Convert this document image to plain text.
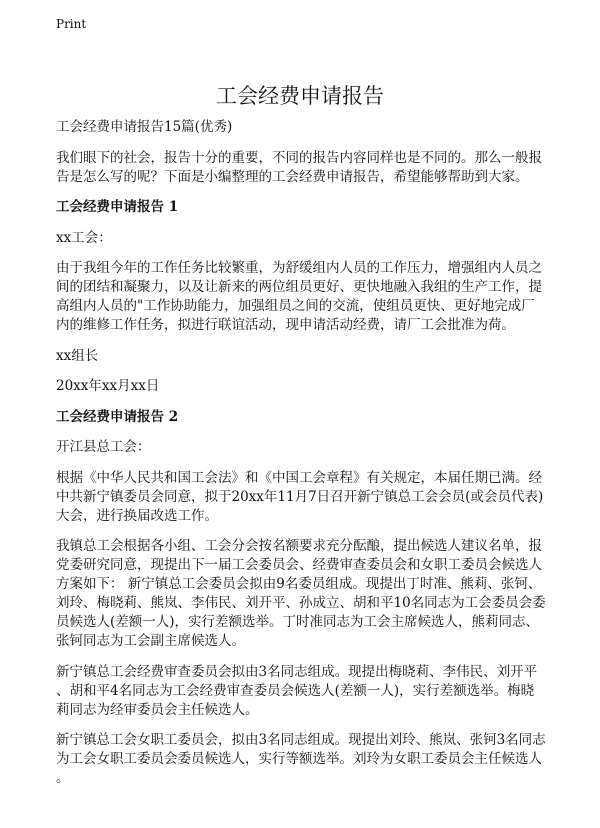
Print
工会经费申请报告
工会经费申请报告15篇(优秀)
我们眼下的社会，报告十分的重要，不同的报告内容同样也是不同的。那么一般报
告是怎么写的呢？下面是小编整理的工会经费申请报告，希望能够帮助到大家。
工会经费申请报告 1
xx工会：
由于我组今年的工作任务比较繁重，为舒缓组内人员的工作压力，增强组内人员之
间的团结和凝聚力，以及让新来的两位组员更好、更快地融入我组的生产工作，提
高组内人员的"工作协助能力，加强组员之间的交流，使组员更快、更好地完成厂
内的维修工作任务，拟进行联谊活动，现申请活动经费，请厂工会批准为荷。
xx组长
20xx年xx月xx日
工会经费申请报告 2
开江县总工会：
根据《中华人民共和国工会法》和《中国工会章程》有关规定，本届任期已满。经
中共新宁镇委员会同意，拟于20xx年11月7日召开新宁镇总工会会员(或会员代表)
大会，进行换届改选工作。
我镇总工会根据各小组、工会分会按名额要求充分酝酿，提出候选人建议名单，报
党委研究同意，现提出下一届工会委员会、经费审查委员会和女职工委员会候选人
方案如下： 新宁镇总工会委员会拟由9名委员组成。现提出丁时准、熊莉、张钶、
刘玲、梅晓莉、熊岚、李伟民、刘开平、孙成立、胡和平10名同志为工会委员会委
员候选人(差额一人)，实行差额选举。丁时准同志为工会主席候选人，熊莉同志、
张钶同志为工会副主席候选人。
新宁镇总工会经费审查委员会拟由3名同志组成。现提出梅晓莉、李伟民、刘开平
、胡和平4名同志为工会经费审查委员会候选人(差额一人)，实行差额选举。梅晓
莉同志为经审委员会主任候选人。
新宁镇总工会女职工委员会，拟由3名同志组成。现提出刘玲、熊岚、张钶3名同志
为工会女职工委员会委员候选人，实行等额选举。刘玲为女职工委员会主任候选人
。
